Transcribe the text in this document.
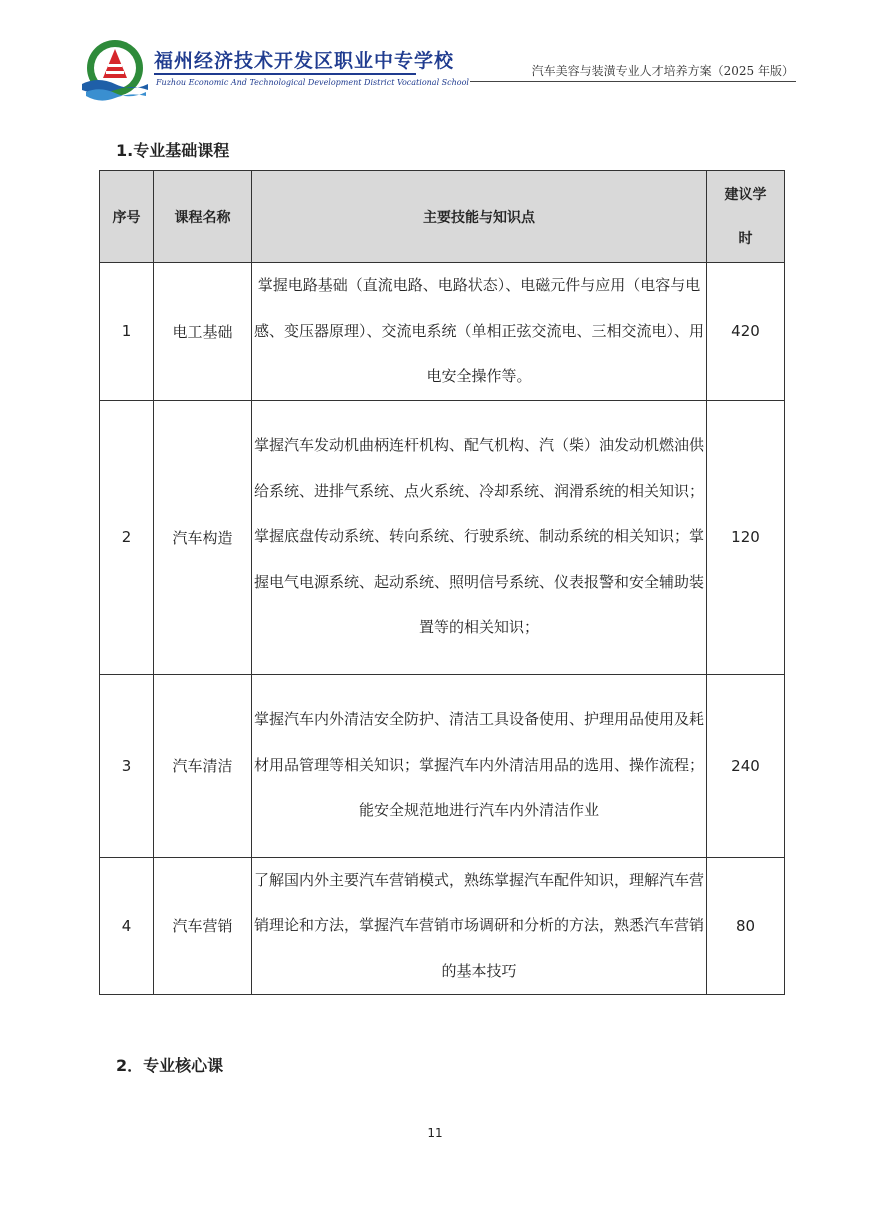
福州经济技术开发区职业中专学校
Fuzhou Economic And Technological Development District Vocational School
汽车美容与装潢专业人才培养方案（2025 年版）
1.专业基础课程
序号	课程名称	主要技能与知识点	建议学时
1	电工基础	掌握电路基础（直流电路、电路状态）、电磁元件与应用（电容与电感、变压器原理）、交流电系统（单相正弦交流电、三相交流电）、用电安全操作等。	420
2	汽车构造	掌握汽车发动机曲柄连杆机构、配气机构、汽（柴）油发动机燃油供给系统、进排气系统、点火系统、冷却系统、润滑系统的相关知识；掌握底盘传动系统、转向系统、行驶系统、制动系统的相关知识；掌握电气电源系统、起动系统、照明信号系统、仪表报警和安全辅助装置等的相关知识；	120
3	汽车清洁	掌握汽车内外清洁安全防护、清洁工具设备使用、护理用品使用及耗材用品管理等相关知识；掌握汽车内外清洁用品的选用、操作流程；能安全规范地进行汽车内外清洁作业	240
4	汽车营销	了解国内外主要汽车营销模式，熟练掌握汽车配件知识，理解汽车营销理论和方法，掌握汽车营销市场调研和分析的方法，熟悉汽车营销的基本技巧	80
2．专业核心课
11
